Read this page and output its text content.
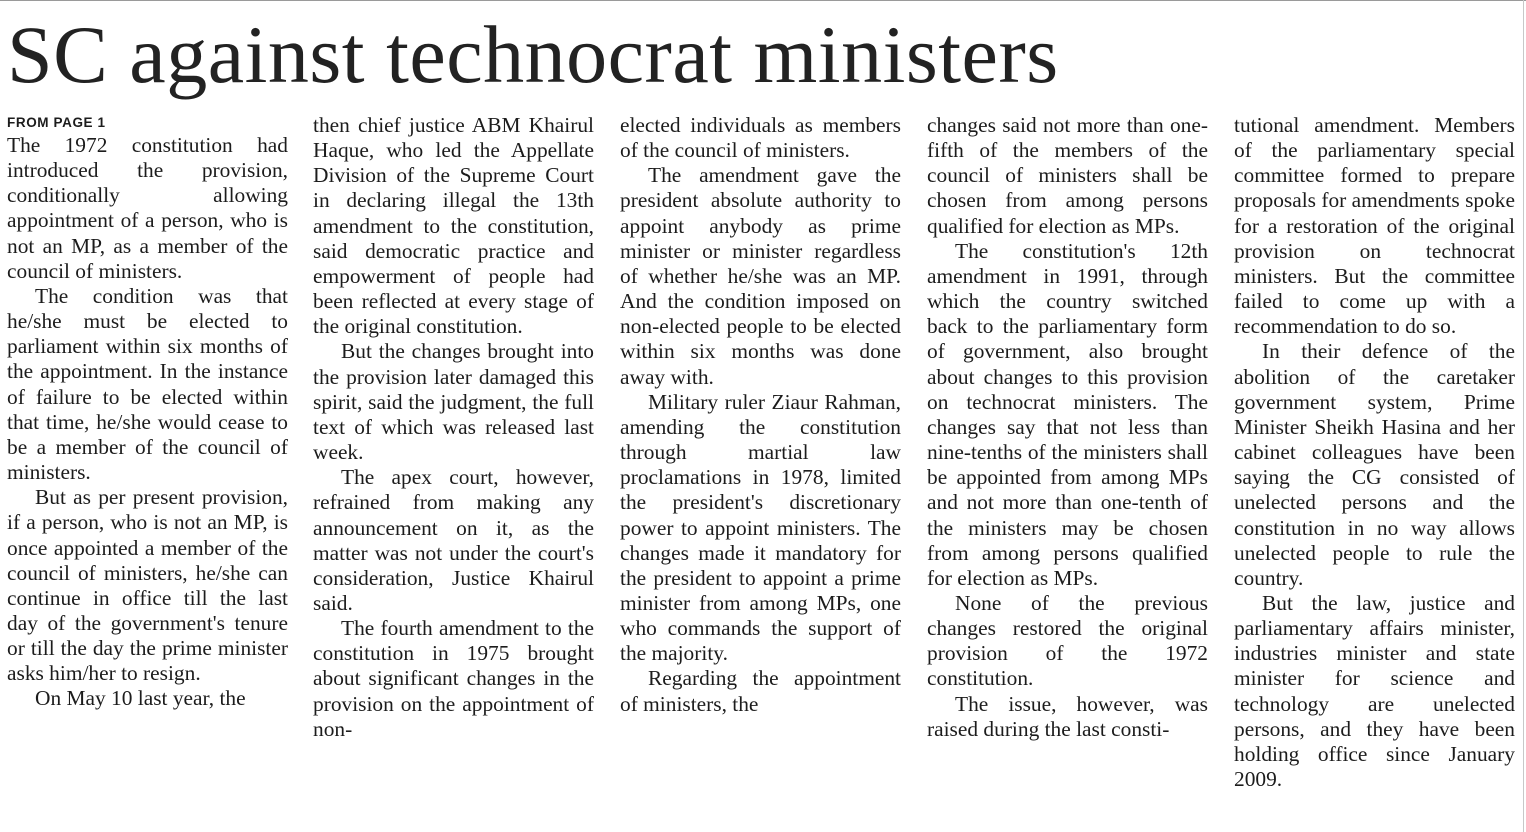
SC against technocrat ministers
FROM PAGE 1

The 1972 constitution had introduced the provision, conditionally allowing appointment of a person, who is not an MP, as a member of the council of ministers.

The condition was that he/she must be elected to parliament within six months of the appointment. In the instance of failure to be elected within that time, he/she would cease to be a member of the council of ministers.

But as per present provision, if a person, who is not an MP, is once appointed a member of the council of ministers, he/she can continue in office till the last day of the government's tenure or till the day the prime minister asks him/her to resign.

On May 10 last year, the

then chief justice ABM Khairul Haque, who led the Appellate Division of the Supreme Court in declaring illegal the 13th amendment to the constitution, said democratic practice and empowerment of people had been reflected at every stage of the original constitution.

But the changes brought into the provision later damaged this spirit, said the judgment, the full text of which was released last week.

The apex court, however, refrained from making any announcement on it, as the matter was not under the court's consideration, Justice Khairul said.

The fourth amendment to the constitution in 1975 brought about significant changes in the provision on the appointment of non-

elected individuals as members of the council of ministers.

The amendment gave the president absolute authority to appoint anybody as prime minister or minister regardless of whether he/she was an MP. And the condition imposed on non-elected people to be elected within six months was done away with.

Military ruler Ziaur Rahman, amending the constitution through martial law proclamations in 1978, limited the president's discretionary power to appoint ministers. The changes made it mandatory for the president to appoint a prime minister from among MPs, one who commands the support of the majority.

Regarding the appointment of ministers, the

changes said not more than one-fifth of the members of the council of ministers shall be chosen from among persons qualified for election as MPs.

The constitution's 12th amendment in 1991, through which the country switched back to the parliamentary form of government, also brought about changes to this provision on technocrat ministers. The changes say that not less than nine-tenths of the ministers shall be appointed from among MPs and not more than one-tenth of the ministers may be chosen from among persons qualified for election as MPs.

None of the previous changes restored the original provision of the 1972 constitution.

The issue, however, was raised during the last consti-

tutional amendment. Members of the parliamentary special committee formed to prepare proposals for amendments spoke for a restoration of the original provision on technocrat ministers. But the committee failed to come up with a recommendation to do so.

In their defence of the abolition of the caretaker government system, Prime Minister Sheikh Hasina and her cabinet colleagues have been saying the CG consisted of unelected persons and the constitution in no way allows unelected people to rule the country.

But the law, justice and parliamentary affairs minister, industries minister and state minister for science and technology are unelected persons, and they have been holding office since January 2009.
